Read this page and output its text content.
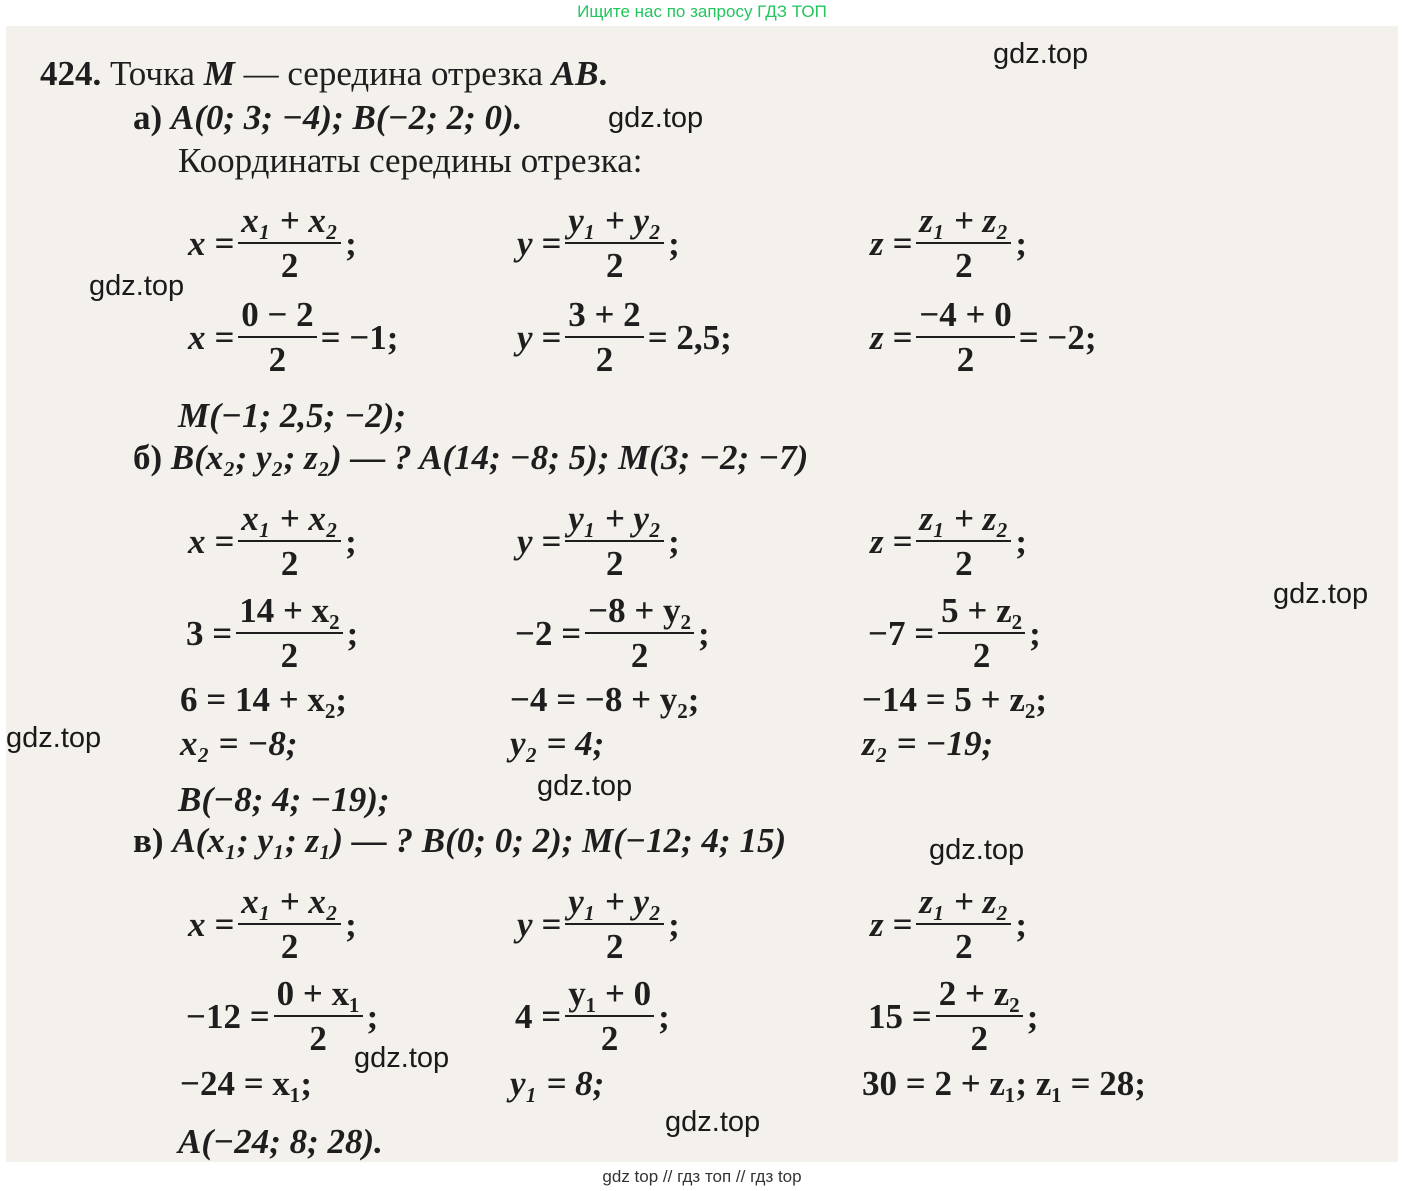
Ищите нас по запросу ГДЗ ТОП
424. Точка M — середина отрезка AB.
а) A(0; 3; −4); B(−2; 2; 0).
Координаты середины отрезка:
$x = \frac{\text{x₁ + x₂}}{2}$ ;	$y = \frac{\text{y₁ + y₂}}{2}$ ;	$z = \frac{\text{z₁ + z₂}}{2}$ ;
$x = \frac{0 - 2}{2} = -1$;	$y = \frac{3 + 2}{2} = 2,5$;	$z = \frac{-4 + 0}{2} = -2$;
M(−1; 2,5; −2);
б) B(x₂; y₂; z₂) — ? A(14; −8; 5); M(3; −2; −7)
$x = \frac{\text{x₁ + x₂}}{2}$ ;	$y = \frac{\text{y₁ + y₂}}{2}$ ;	$z = \frac{\text{z₁ + z₂}}{2}$ ;
$3 = \frac{\text{14 + x₂}}{2}$ ;	$-2 = \frac{\text{−8 + y₂}}{2}$ ;	$-7 = \frac{\text{5 + z₂}}{2}$ ;
6 = 14 + x₂;	−4 = −8 + y₂;	−14 = 5 + z₂;
x₂ = −8;	y₂ = 4;	z₂ = −19;
B(−8; 4; −19);
в) A(x₁; y₁; z₁) — ? B(0; 0; 2); M(−12; 4; 15)
$x = \frac{\text{x₁ + x₂}}{2}$ ;	$y = \frac{\text{y₁ + y₂}}{2}$ ;	$z = \frac{\text{z₁ + z₂}}{2}$ ;
$-12 = \frac{\text{0 + x₁}}{2}$ ;	$4 = \frac{\text{y₁ + 0}}{2}$ ;	$15 = \frac{\text{2 + z₂}}{2}$ ;
−24 = x₁;	y₁ = 8;	30 = 2 + z₁; z₁ = 28;
A(−24; 8; 28).
gdz.top
gdz.top
gdz.top
gdz.top
gdz.top
gdz.top
gdz.top
gdz.top
gdz.top
gdz top // гдз топ // гдз top
